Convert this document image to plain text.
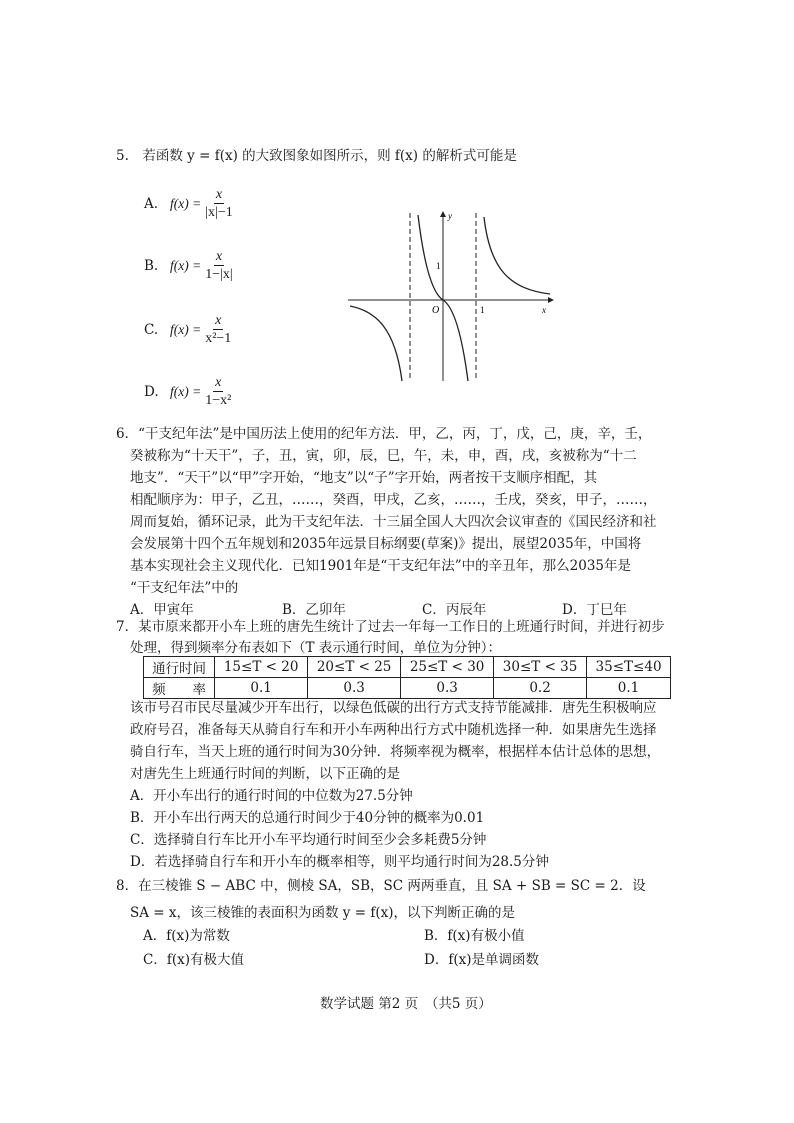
5.　若函数 y = f(x) 的大致图象如图所示，则 f(x) 的解析式可能是
A. $f(x) = \frac{x}{|x|-1}$
B. $f(x) = \frac{x}{1-|x|}$
C. $f(x) = \frac{x}{\text{x²−1}}$
D. $f(x) = \frac{x}{\text{1−x²}}$
x
y
O	1
1
6．“干支纪年法”是中国历法上使用的纪年方法．甲，乙，丙，丁，戊，己，庚，辛，壬，
癸被称为“十天干”，子，丑，寅，卯，辰，巳，午，未，申，酉，戌，亥被称为“十二
地支”．“天干”以“甲”字开始，“地支”以“子”字开始，两者按干支顺序相配，其
相配顺序为：甲子，乙丑，……，癸酉，甲戌，乙亥，……，壬戌，癸亥，甲子，……，
周而复始，循环记录，此为干支纪年法．十三届全国人大四次会议审查的《国民经济和社
会发展第十四个五年规划和2035年远景目标纲要(草案)》提出，展望2035年，中国将
基本实现社会主义现代化．已知1901年是“干支纪年法”中的辛丑年，那么2035年是
“干支纪年法”中的
A．甲寅年	B．乙卯年	C．丙辰年	D．丁巳年
7．某市原来都开小车上班的唐先生统计了过去一年每一工作日的上班通行时间，并进行初步
处理，得到频率分布表如下（T 表示通行时间，单位为分钟）：
通行时间	15≤T < 20	20≤T < 25	25≤T < 30	30≤T < 35	35≤T≤40
频　　率	0.1	0.3	0.3	0.2	0.1
该市号召市民尽量减少开车出行，以绿色低碳的出行方式支持节能减排．唐先生积极响应
政府号召，准备每天从骑自行车和开小车两种出行方式中随机选择一种．如果唐先生选择
骑自行车，当天上班的通行时间为30分钟．将频率视为概率，根据样本估计总体的思想，
对唐先生上班通行时间的判断，以下正确的是
A．开小车出行的通行时间的中位数为27.5分钟
B．开小车出行两天的总通行时间少于40分钟的概率为0.01
C．选择骑自行车比开小车平均通行时间至少会多耗费5分钟
D．若选择骑自行车和开小车的概率相等，则平均通行时间为28.5分钟
8．在三棱锥 S − ABC 中，侧棱 SA，SB，SC 两两垂直，且 SA + SB = SC = 2．设
SA = x，该三棱锥的表面积为函数 y = f(x)，以下判断正确的是
A．f(x)为常数	B．f(x)有极小值
C．f(x)有极大值	D．f(x)是单调函数
数学试题 第2 页　（共5 页）
